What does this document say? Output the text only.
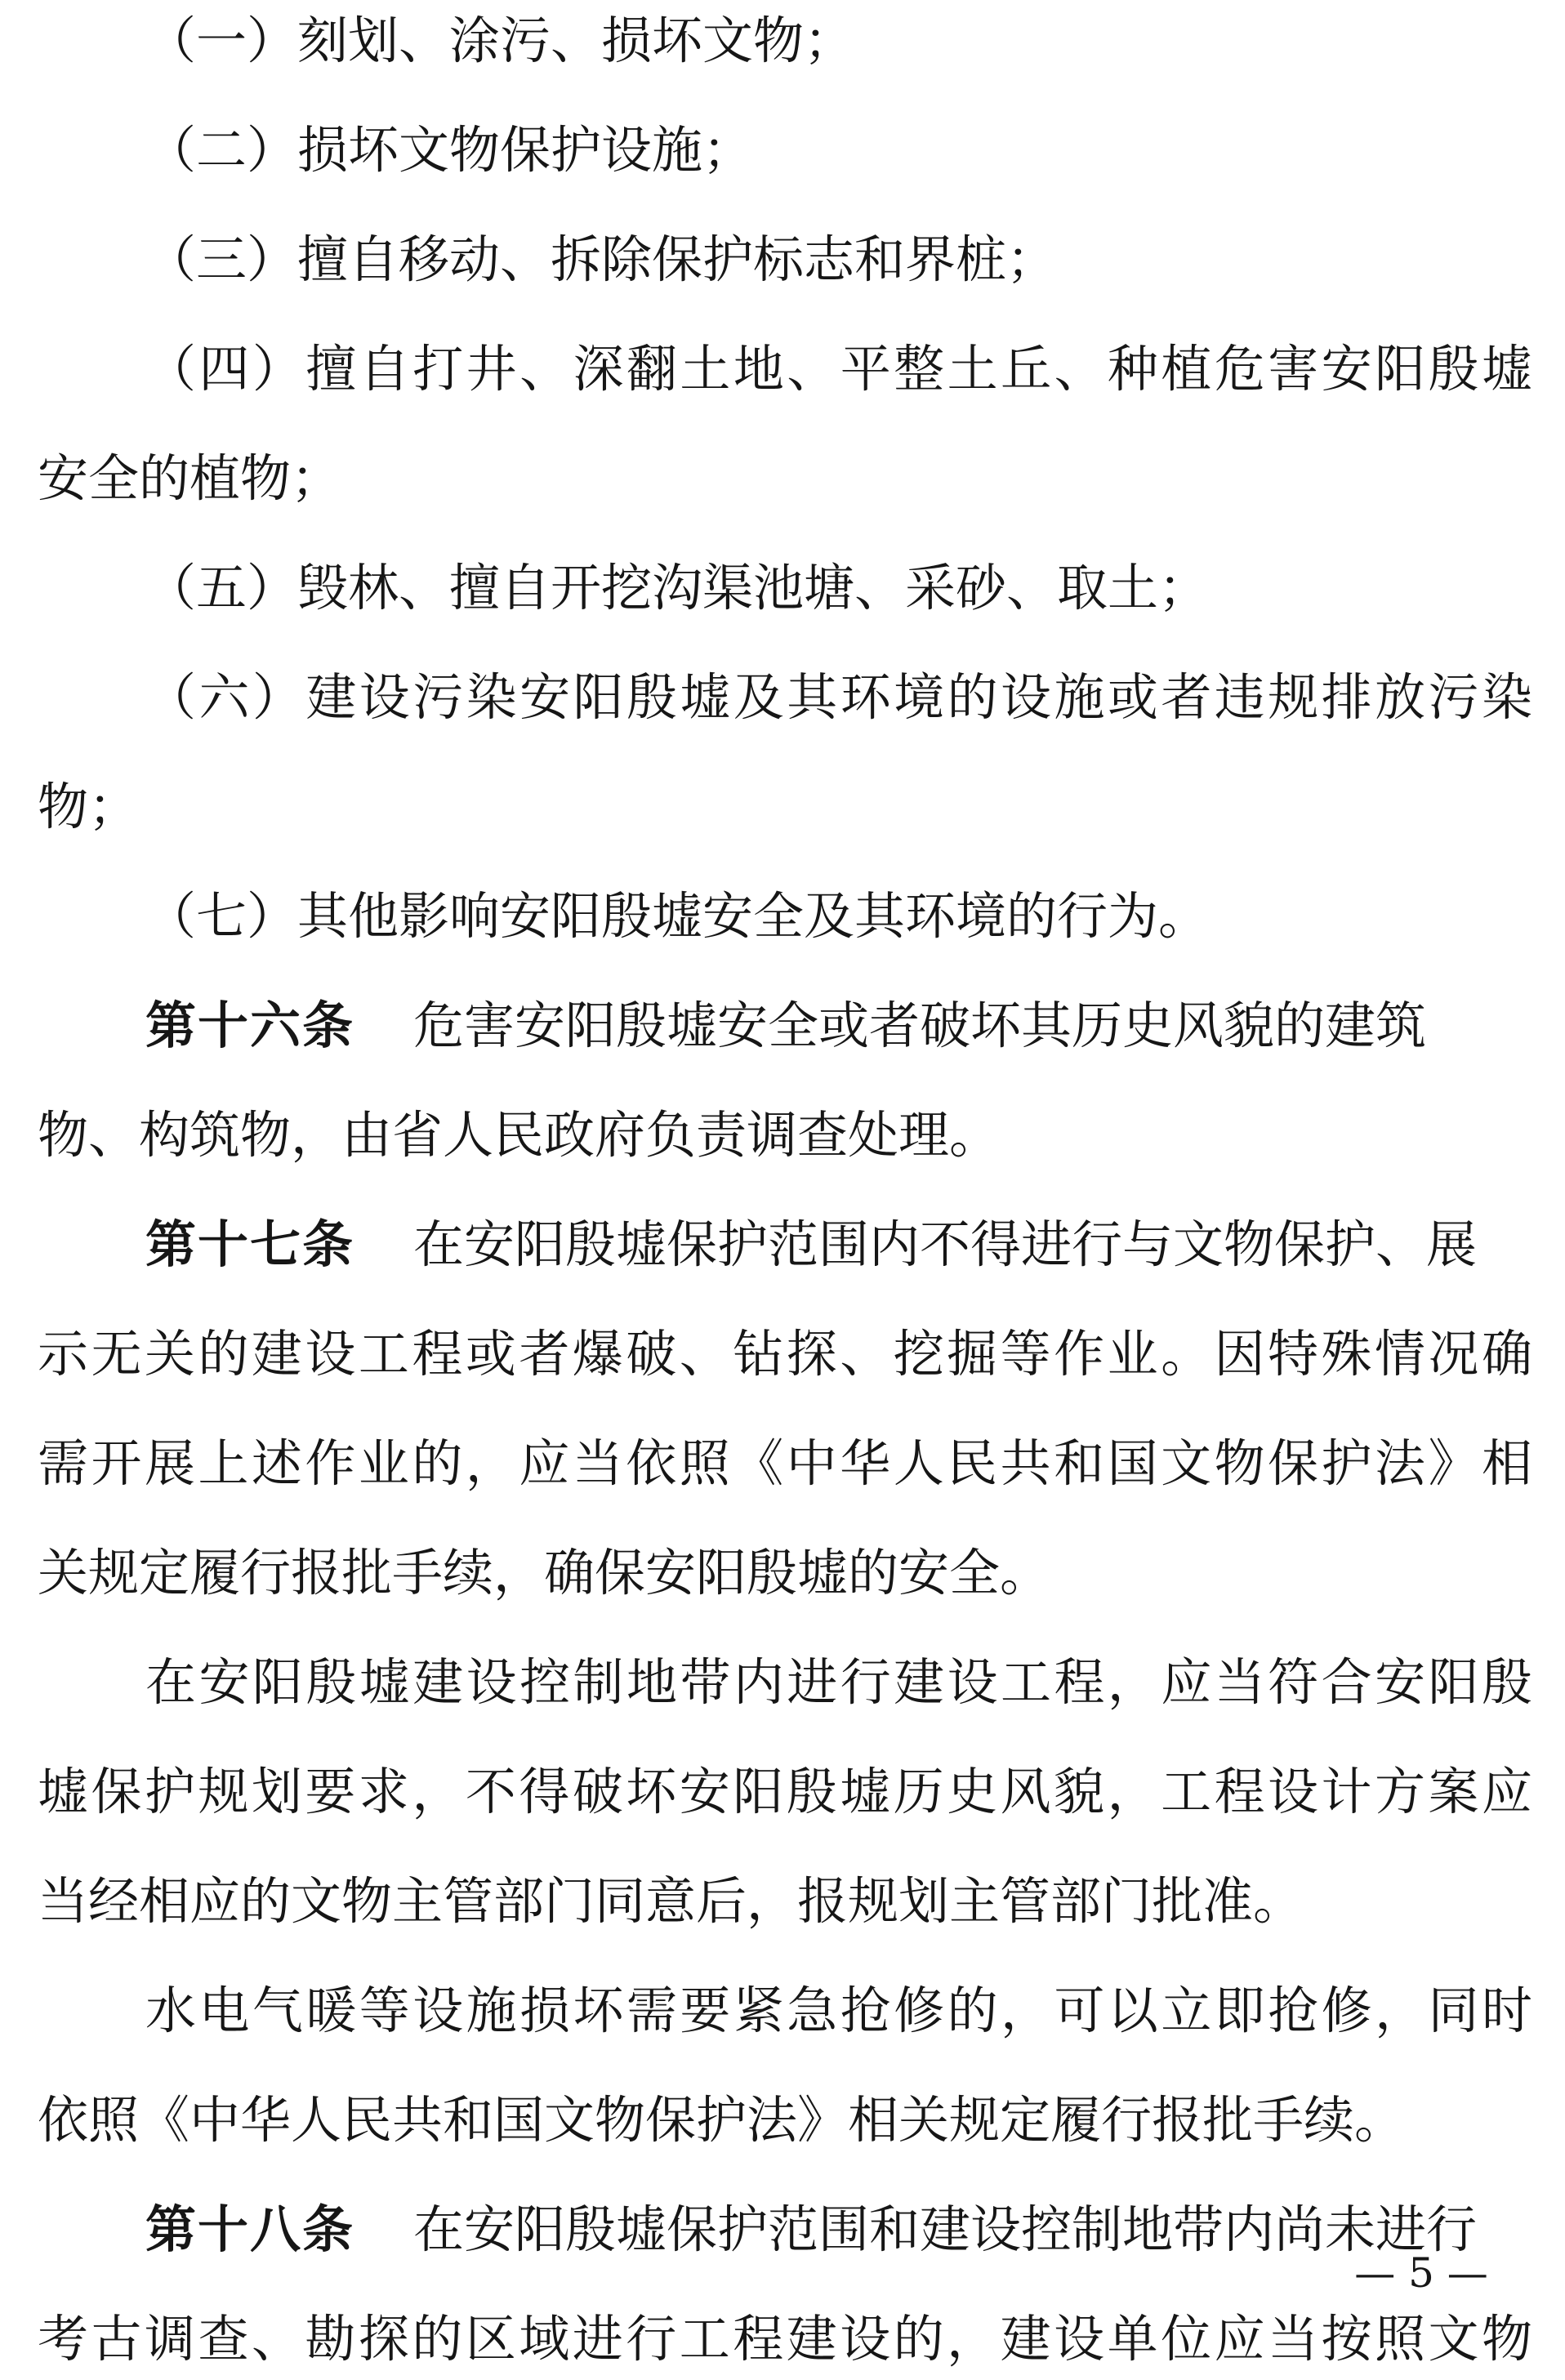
（一）刻划、涂污、损坏文物；
（二）损坏文物保护设施；
（三）擅自移动、拆除保护标志和界桩；
（四）擅自打井、深翻土地、平整土丘、种植危害安阳殷墟
安全的植物；
（五）毁林、擅自开挖沟渠池塘、采砂、取土；
（六）建设污染安阳殷墟及其环境的设施或者违规排放污染
物；
（七）其他影响安阳殷墟安全及其环境的行为。
第十六条 危害安阳殷墟安全或者破坏其历史风貌的建筑
物、构筑物，由省人民政府负责调查处理。
第十七条 在安阳殷墟保护范围内不得进行与文物保护、展
示无关的建设工程或者爆破、钻探、挖掘等作业。因特殊情况确
需开展上述作业的，应当依照《中华人民共和国文物保护法》相
关规定履行报批手续，确保安阳殷墟的安全。
在安阳殷墟建设控制地带内进行建设工程，应当符合安阳殷
墟保护规划要求，不得破坏安阳殷墟历史风貌，工程设计方案应
当经相应的文物主管部门同意后，报规划主管部门批准。
水电气暖等设施损坏需要紧急抢修的，可以立即抢修，同时
依照《中华人民共和国文物保护法》相关规定履行报批手续。
第十八条 在安阳殷墟保护范围和建设控制地带内尚未进行
考古调查、勘探的区域进行工程建设的，建设单位应当按照文物
— 5 —
